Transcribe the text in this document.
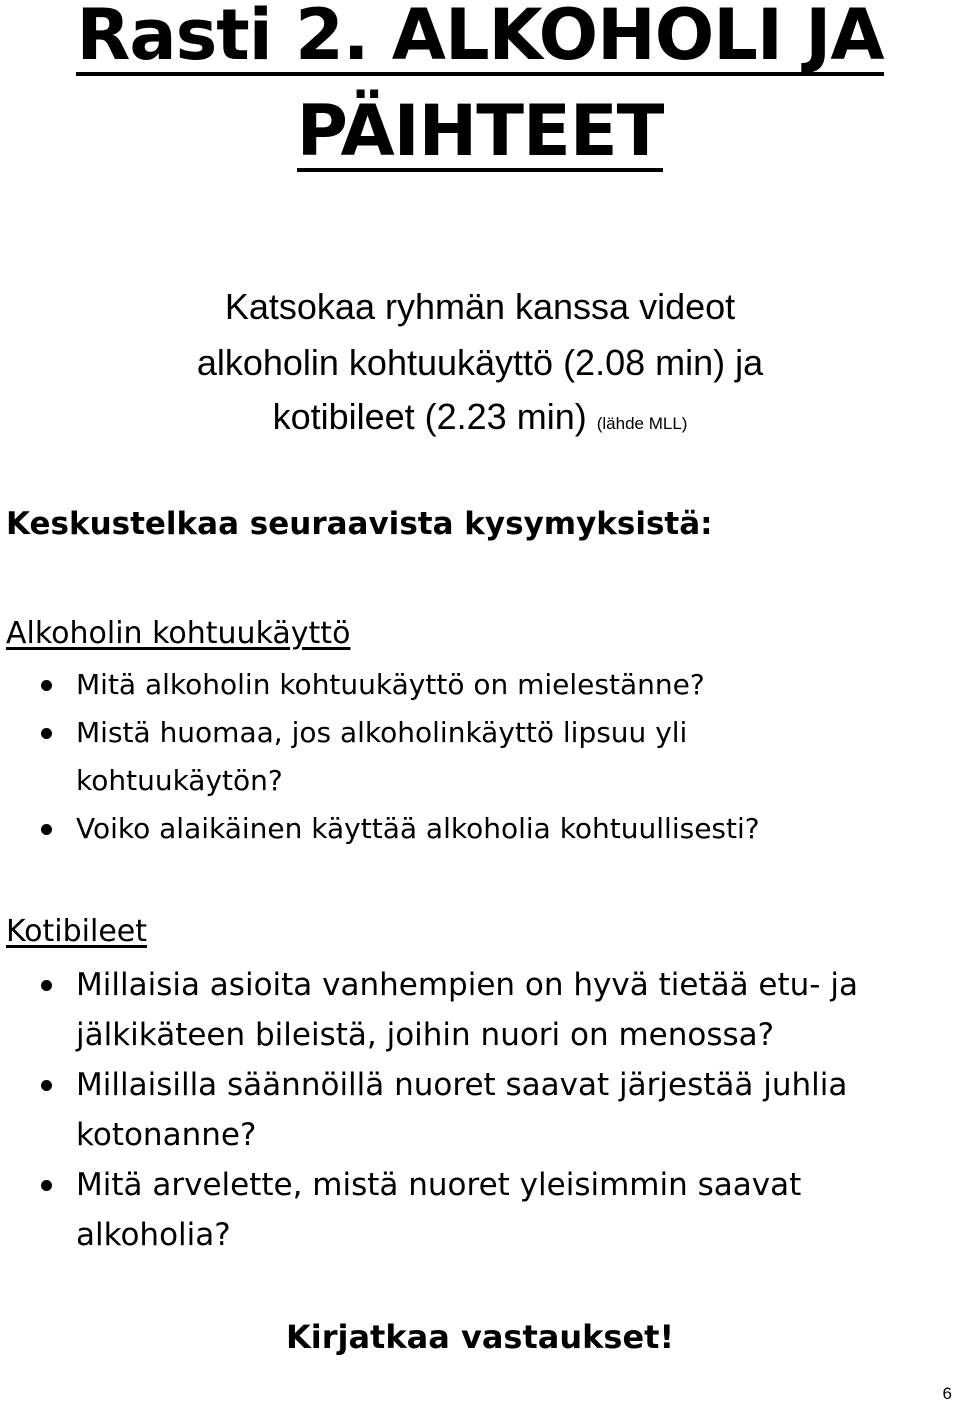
Rasti 2. ALKOHOLI JA
PÄIHTEET
Katsokaa ryhmän kanssa videot
alkoholin kohtuukäyttö (2.08 min) ja
kotibileet (2.23 min) (lähde MLL)
Keskustelkaa seuraavista kysymyksistä:
Alkoholin kohtuukäyttö
Mitä alkoholin kohtuukäyttö on mielestänne?
Mistä huomaa, jos alkoholinkäyttö lipsuu yli
kohtuukäytön?
Voiko alaikäinen käyttää alkoholia kohtuullisesti?
Kotibileet
Millaisia asioita vanhempien on hyvä tietää etu- ja
jälkikäteen bileistä, joihin nuori on menossa?
Millaisilla säännöillä nuoret saavat järjestää juhlia
kotonanne?
Mitä arvelette, mistä nuoret yleisimmin saavat
alkoholia?
Kirjatkaa vastaukset!
6
